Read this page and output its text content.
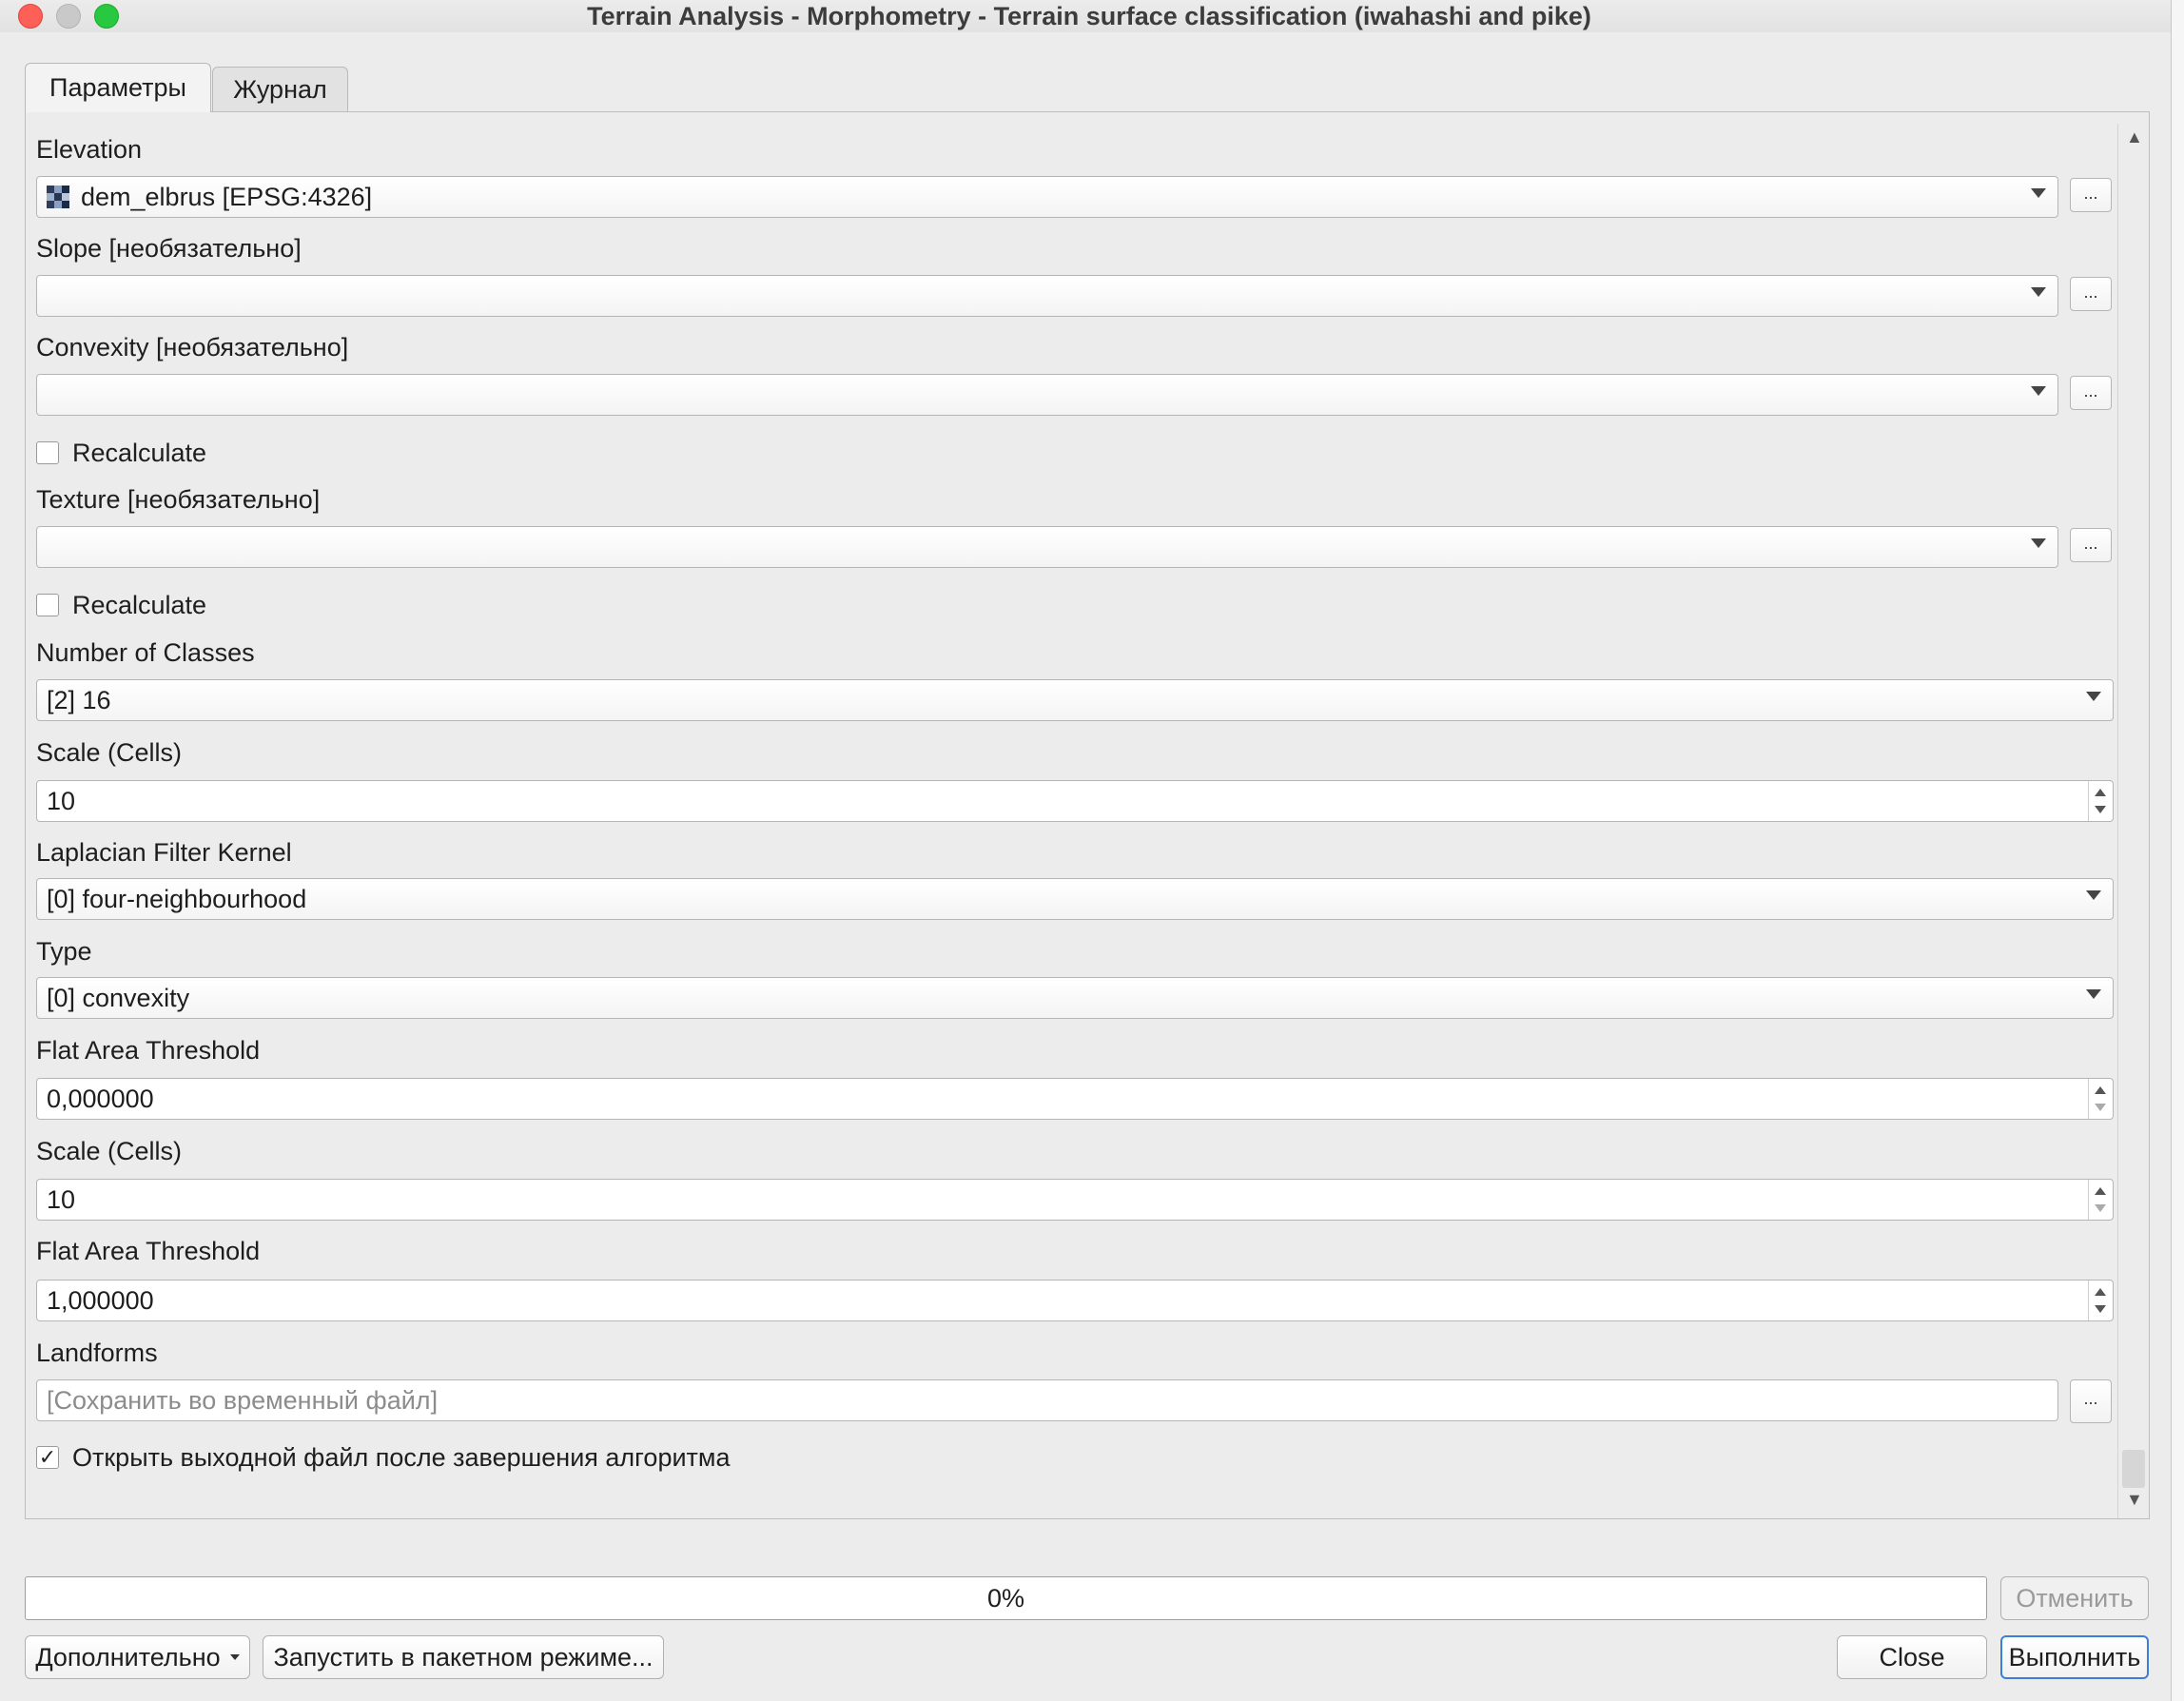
Terrain Analysis - Morphometry - Terrain surface classification (iwahashi and pike)
Параметры	Журнал
▲
▼
Elevation
dem_elbrus [EPSG:4326]	...
Slope [необязательно]
...
Convexity [необязательно]
...
Recalculate
Texture [необязательно]
...
Recalculate
Number of Classes
[2] 16
Scale (Cells)
10
Laplacian Filter Kernel
[0] four-neighbourhood
Type
[0] convexity
Flat Area Threshold
0,000000
Scale (Cells)
10
Flat Area Threshold
1,000000
Landforms
[Сохранить во временный файл]	...
✓ Открыть выходной файл после завершения алгоритма
0%	Отменить
Дополнительно	Запустить в пакетном режиме...	Close	Выполнить
